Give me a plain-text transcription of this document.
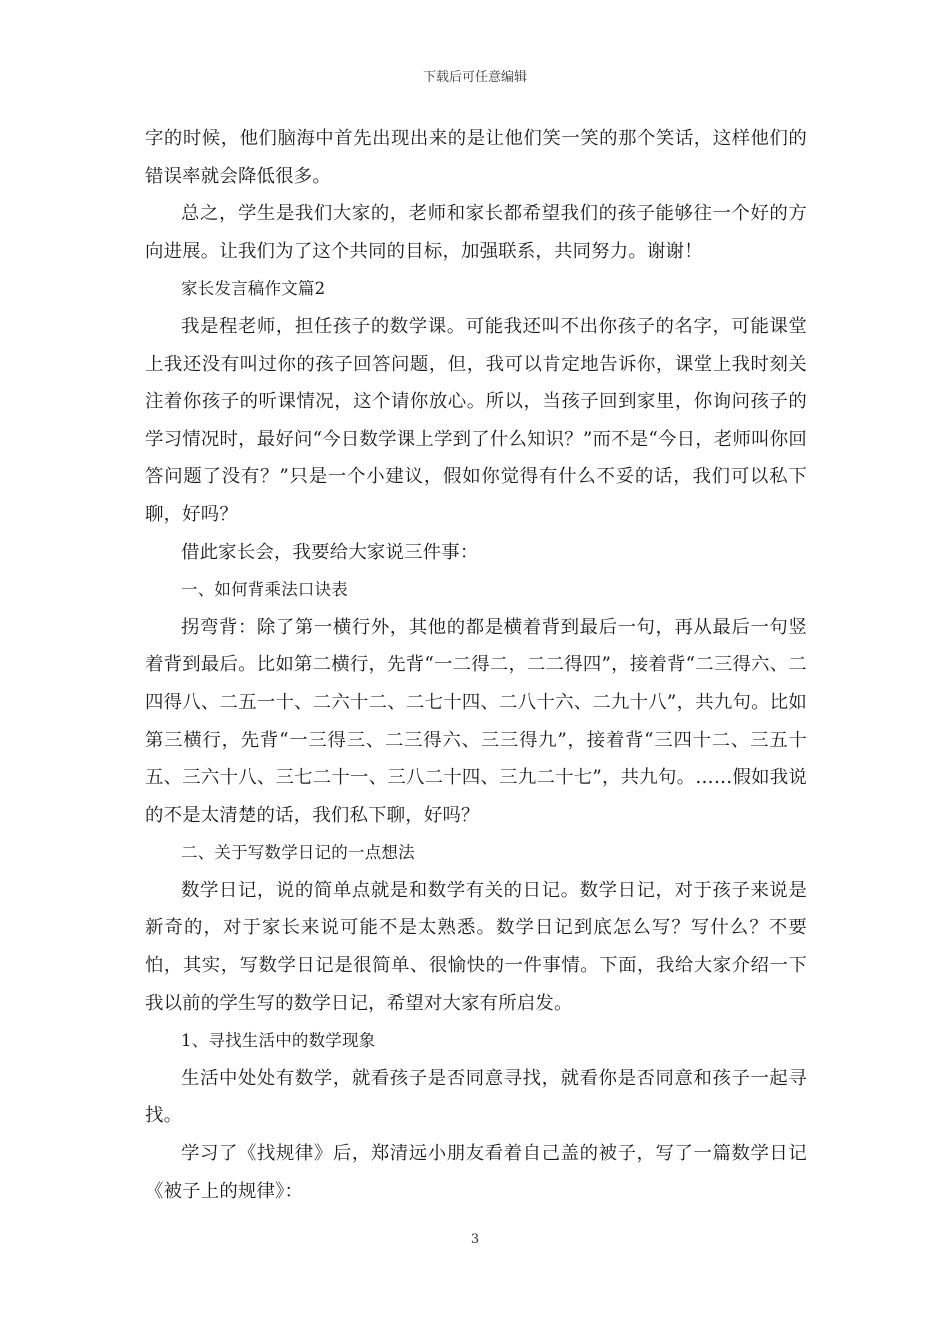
下载后可任意编辑

字的时候，他们脑海中首先出现出来的是让他们笑一笑的那个笑话，这样他们的错误率就会降低很多。

总之，学生是我们大家的，老师和家长都希望我们的孩子能够往一个好的方向进展。让我们为了这个共同的目标，加强联系，共同努力。谢谢！

家长发言稿作文篇2

我是程老师，担任孩子的数学课。可能我还叫不出你孩子的名字，可能课堂上我还没有叫过你的孩子回答问题，但，我可以肯定地告诉你，课堂上我时刻关注着你孩子的听课情况，这个请你放心。所以，当孩子回到家里，你询问孩子的学习情况时，最好问“今日数学课上学到了什么知识？”而不是“今日，老师叫你回答问题了没有？”只是一个小建议，假如你觉得有什么不妥的话，我们可以私下聊，好吗？

借此家长会，我要给大家说三件事：

一、如何背乘法口诀表

拐弯背：除了第一横行外，其他的都是横着背到最后一句，再从最后一句竖着背到最后。比如第二横行，先背“一二得二，二二得四”，接着背“二三得六、二四得八、二五一十、二六十二、二七十四、二八十六、二九十八”，共九句。比如第三横行，先背“一三得三、二三得六、三三得九”，接着背“三四十二、三五十五、三六十八、三七二十一、三八二十四、三九二十七”，共九句。……假如我说的不是太清楚的话，我们私下聊，好吗？

二、关于写数学日记的一点想法

数学日记，说的简单点就是和数学有关的日记。数学日记，对于孩子来说是新奇的，对于家长来说可能不是太熟悉。数学日记到底怎么写？写什么？不要怕，其实，写数学日记是很简单、很愉快的一件事情。下面，我给大家介绍一下我以前的学生写的数学日记，希望对大家有所启发。

1、寻找生活中的数学现象

生活中处处有数学，就看孩子是否同意寻找，就看你是否同意和孩子一起寻找。

学习了《找规律》后，郑清远小朋友看着自己盖的被子，写了一篇数学日记《被子上的规律》：

3
